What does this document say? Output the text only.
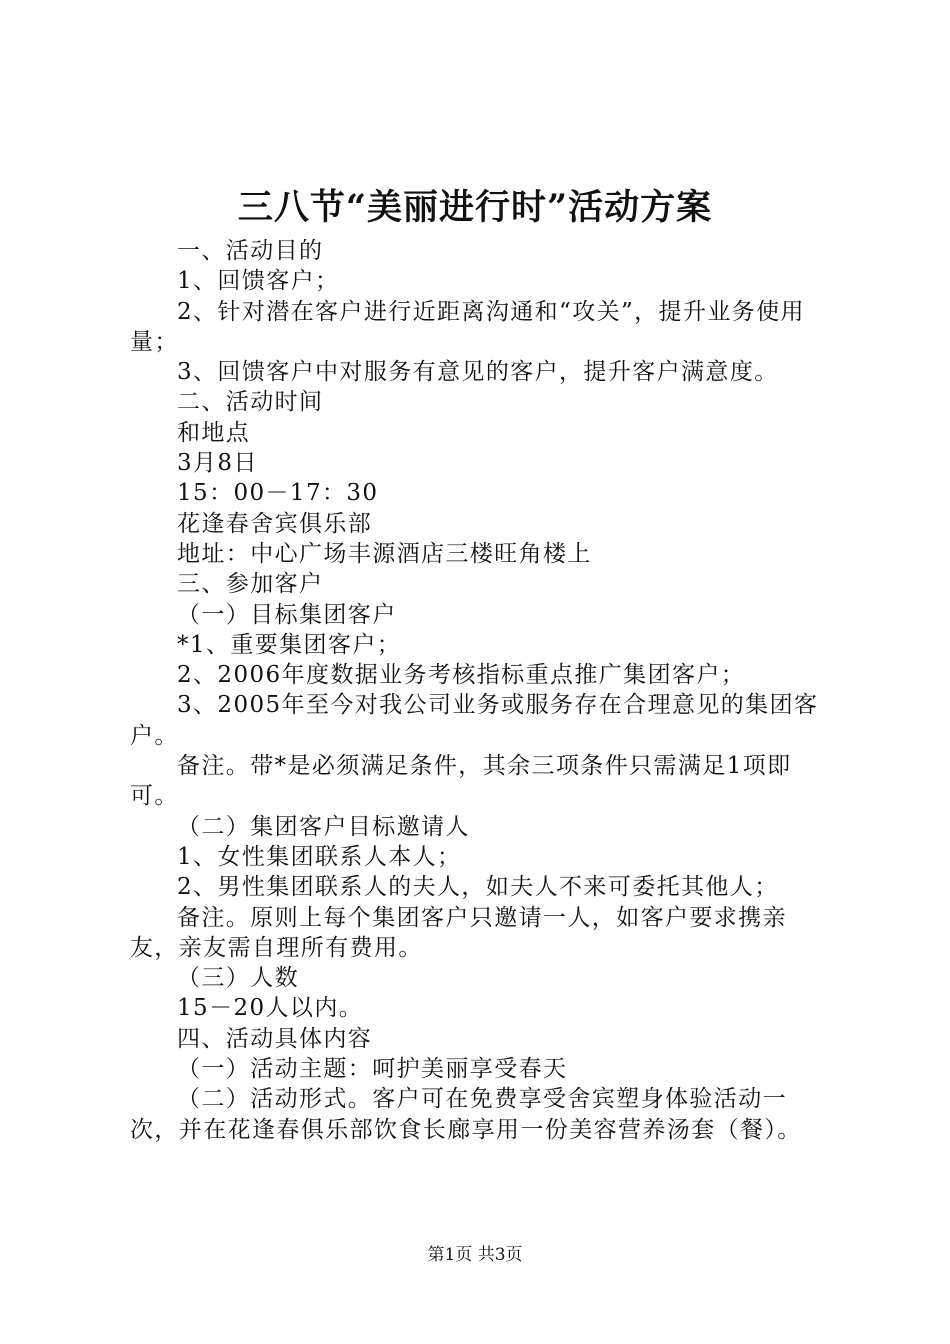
三八节“美丽进行时”活动方案

一、活动目的

1、回馈客户；

2、针对潜在客户进行近距离沟通和“攻关”，提升业务使用量；

3、回馈客户中对服务有意见的客户，提升客户满意度。

二、活动时间

和地点

3月8日

15：00－17：30

花逢春舍宾俱乐部

地址：中心广场丰源酒店三楼旺角楼上

三、参加客户

（一）目标集团客户

*1、重要集团客户；

2、2006年度数据业务考核指标重点推广集团客户；

3、2005年至今对我公司业务或服务存在合理意见的集团客户。

备注。带*是必须满足条件，其余三项条件只需满足1项即可。

（二）集团客户目标邀请人

1、女性集团联系人本人；

2、男性集团联系人的夫人，如夫人不来可委托其他人；

备注。原则上每个集团客户只邀请一人，如客户要求携亲友，亲友需自理所有费用。

（三）人数

15－20人以内。

四、活动具体内容

（一）活动主题：呵护美丽享受春天

（二）活动形式。客户可在免费享受舍宾塑身体验活动一次，并在花逢春俱乐部饮食长廊享用一份美容营养汤套（餐）。

第1页 共3页
